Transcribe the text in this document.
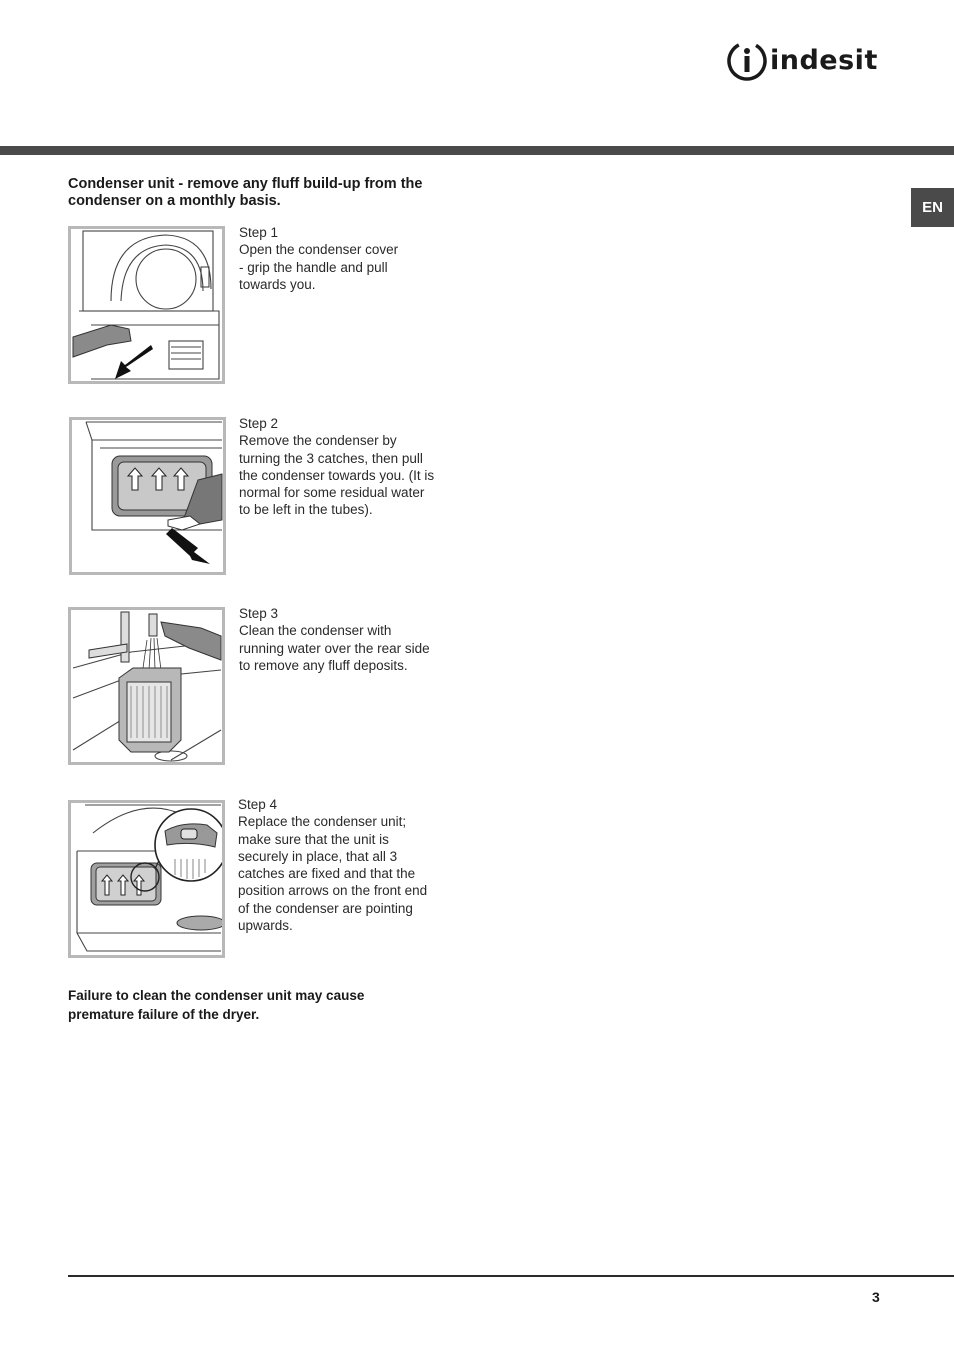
indesit
EN
Condenser unit - remove any fluff build-up from the condenser on a monthly basis.
Step 1
Open the condenser cover
- grip the handle and pull
towards you.
Step 2
Remove the condenser by
turning the 3 catches, then pull
the condenser towards you. (It is
normal for some residual water
to be left in the tubes).
Step 3
Clean the condenser with
running water over the rear side
to remove any fluff deposits.
Step 4
Replace the condenser unit;
make sure that the unit is
securely in place, that all 3
catches are fixed and that the
position arrows on the front end
of the condenser are pointing
upwards.
Failure to clean the condenser unit may cause premature failure of the dryer.
3
